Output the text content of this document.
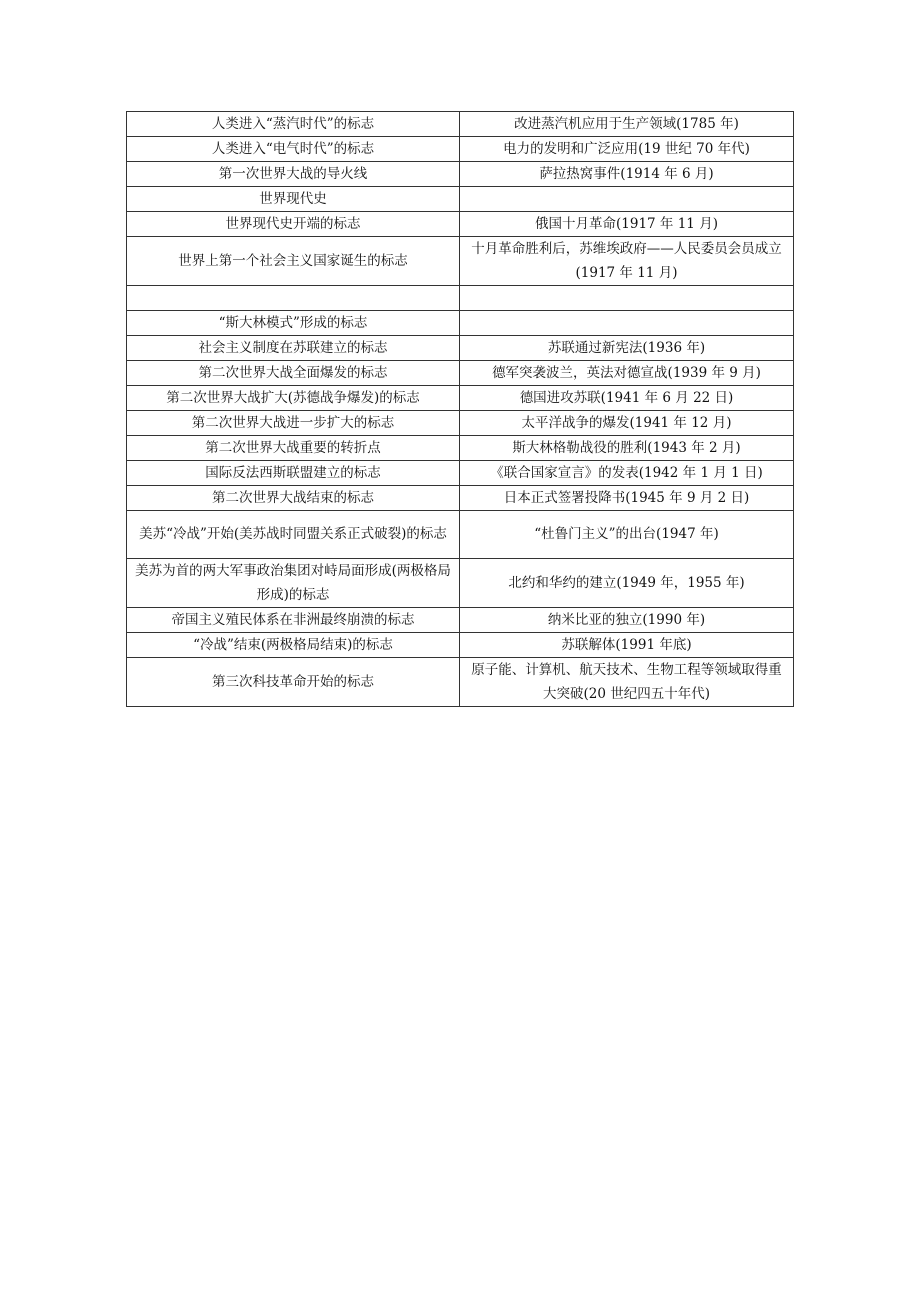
人类进入“蒸汽时代”的标志	改进蒸汽机应用于生产领域(1785 年)
人类进入“电气时代”的标志	电力的发明和广泛应用(19 世纪 70 年代)
第一次世界大战的导火线	萨拉热窝事件(1914 年 6 月)
世界现代史	
世界现代史开端的标志	俄国十月革命(1917 年 11 月)
世界上第一个社会主义国家诞生的标志	十月革命胜利后，苏维埃政府——人民委员会员成立(1917 年 11 月)

“斯大林模式”形成的标志	
社会主义制度在苏联建立的标志	苏联通过新宪法(1936 年)
第二次世界大战全面爆发的标志	德军突袭波兰，英法对德宣战(1939 年 9 月)
第二次世界大战扩大(苏德战争爆发)的标志	德国进攻苏联(1941 年 6 月 22 日)
第二次世界大战进一步扩大的标志	太平洋战争的爆发(1941 年 12 月)
第二次世界大战重要的转折点	斯大林格勒战役的胜利(1943 年 2 月)
国际反法西斯联盟建立的标志	《联合国家宣言》的发表(1942 年 1 月 1 日)
第二次世界大战结束的标志	日本正式签署投降书(1945 年 9 月 2 日)
美苏“冷战”开始(美苏战时同盟关系正式破裂)的标志	“杜鲁门主义”的出台(1947 年)
美苏为首的两大军事政治集团对峙局面形成(两极格局形成)的标志	北约和华约的建立(1949 年，1955 年)
帝国主义殖民体系在非洲最终崩溃的标志	纳米比亚的独立(1990 年)
“冷战”结束(两极格局结束)的标志	苏联解体(1991 年底)
第三次科技革命开始的标志	原子能、计算机、航天技术、生物工程等领域取得重大突破(20 世纪四五十年代)
